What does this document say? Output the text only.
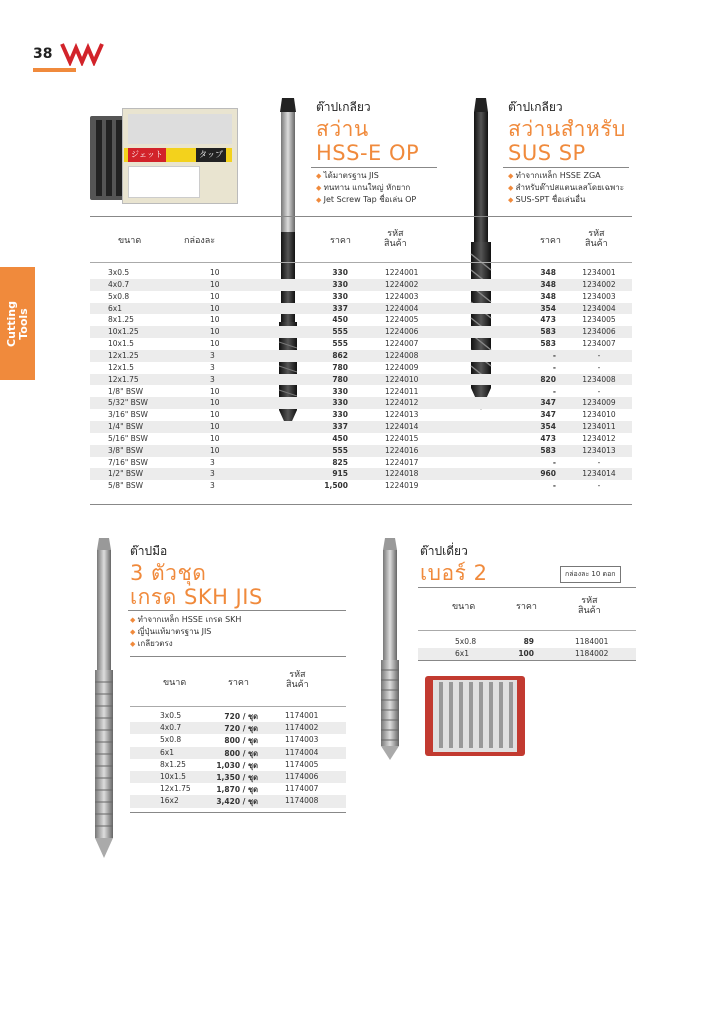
38
Cutting Tools
ジェット	タップ
ต๊าปเกลียว
สว่าน
HSS-E OP
◆ ได้มาตรฐาน JIS
◆ ทนทาน แกนใหญ่ หักยาก
◆ Jet Screw Tap ชื่อเล่น OP
ต๊าปเกลียว
สว่านสำหรับ
SUS SP
◆ ทำจากเหล็ก HSSE ZGA
◆ สำหรับต๊าปสแตนเลสโดยเฉพาะ
◆ SUS-SPT ชื่อเล่นอื่น
ขนาด	กล่องละ	ราคา
รหัส
สินค้า	ราคา
รหัส
สินค้า
3x0.5	10	330	1224001	348	1234001
4x0.7	10	330	1224002	348	1234002
5x0.8	10	330	1224003	348	1234003
6x1	10	337	1224004	354	1234004
8x1.25	10	450	1224005	473	1234005
10x1.25	10	555	1224006	583	1234006
10x1.5	10	555	1224007	583	1234007
12x1.25	3	862	1224008	-	-
12x1.5	3	780	1224009	-	-
12x1.75	3	780	1224010	820	1234008
1/8" BSW	10	330	1224011	-	-
5/32" BSW	10	330	1224012	347	1234009
3/16" BSW	10	330	1224013	347	1234010
1/4" BSW	10	337	1224014	354	1234011
5/16" BSW	10	450	1224015	473	1234012
3/8" BSW	10	555	1224016	583	1234013
7/16" BSW	3	825	1224017	-	-
1/2" BSW	3	915	1224018	960	1234014
5/8" BSW	3	1,500	1224019	-	-
ต๊าปมือ
3 ตัวชุด
เกรด SKH JIS
◆ ทำจากเหล็ก HSSE เกรด SKH
◆ ญี่ปุ่นแท้มาตรฐาน JIS
◆ เกลียวตรง
ขนาด	ราคา
รหัส
สินค้า
3x0.5	720 / ชุด	1174001
4x0.7	720 / ชุด	1174002
5x0.8	800 / ชุด	1174003
6x1	800 / ชุด	1174004
8x1.25	1,030 / ชุด	1174005
10x1.5	1,350 / ชุด	1174006
12x1.75	1,870 / ชุด	1174007
16x2	3,420 / ชุด	1174008
ต๊าปเดี่ยว
เบอร์ 2	กล่องละ 10 ดอก
ขนาด	ราคา
รหัส
สินค้า
5x0.8	89	1184001
6x1	100	1184002
